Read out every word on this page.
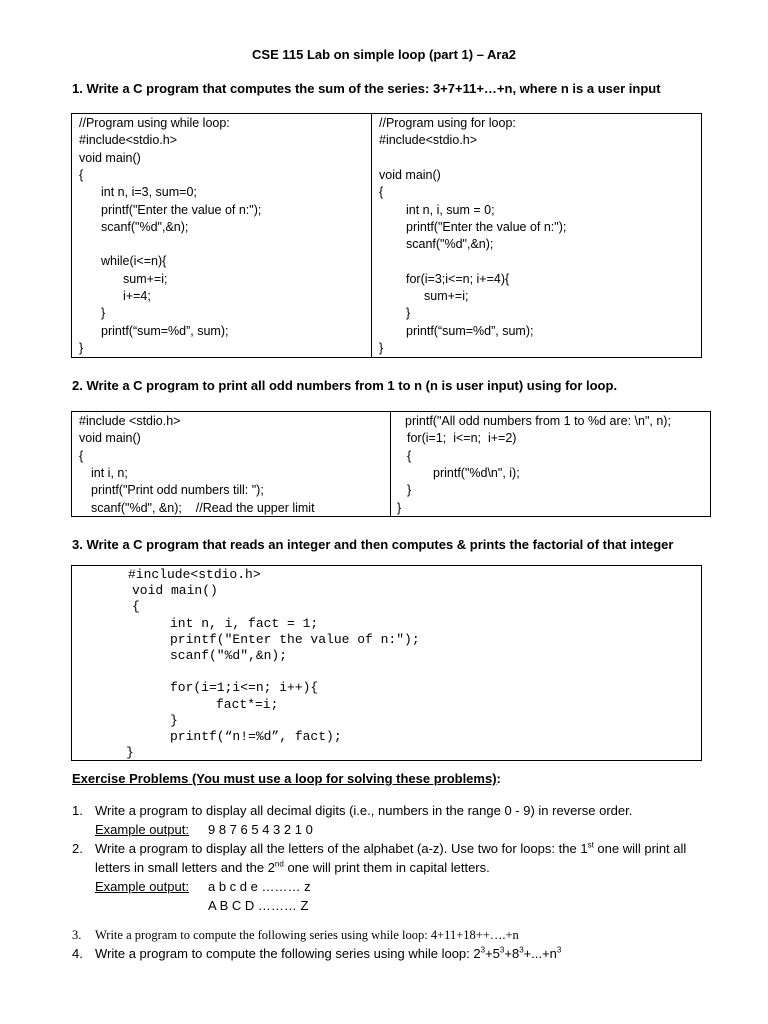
CSE 115 Lab on simple loop (part 1) – Ara2
1. Write a C program that computes the sum of the series: 3+7+11+…+n, where n is a user input
//Program using while loop:
#include<stdio.h>
void main()
{
int n, i=3, sum=0;
printf("Enter the value of n:");
scanf("%d",&n);
while(i<=n){
sum+=i;
i+=4;
}
printf(“sum=%d”, sum);
}
//Program using for loop:
#include<stdio.h>
void main()
{
int n, i, sum = 0;
printf("Enter the value of n:");
scanf("%d",&n);
for(i=3;i<=n; i+=4){
sum+=i;
}
printf(“sum=%d”, sum);
}
2. Write a C program to print all odd numbers from 1 to n (n is user input) using for loop.
#include <stdio.h>
void main()
{
int i, n;
printf("Print odd numbers till: ");
scanf("%d", &n);    //Read the upper limit
printf("All odd numbers from 1 to %d are: \n", n);
for(i=1;  i<=n;  i+=2)
{
printf("%d\n", i);
}
}
3. Write a C program that reads an integer and then computes & prints the factorial of that integer
#include<stdio.h>
void main()
{
int n, i, fact = 1;
printf("Enter the value of n:");
scanf("%d",&n);
for(i=1;i<=n; i++){
fact*=i;
}
printf(“n!=%d”, fact);
}
Exercise Problems (You must use a loop for solving these problems):
1. Write a program to display all decimal digits (i.e., numbers in the range 0 - 9) in reverse order.
Example output: 9 8 7 6 5 4 3 2 1 0
2. Write a program to display all the letters of the alphabet (a-z). Use two for loops: the 1st one will print all
letters in small letters and the 2nd one will print them in capital letters.
Example output: a b c d e ……… z
A B C D ……… Z
3. Write a program to compute the following series using while loop: 4+11+18++….+n
4. Write a program to compute the following series using while loop: $2^3+5^3+8^3+...+n^3$
